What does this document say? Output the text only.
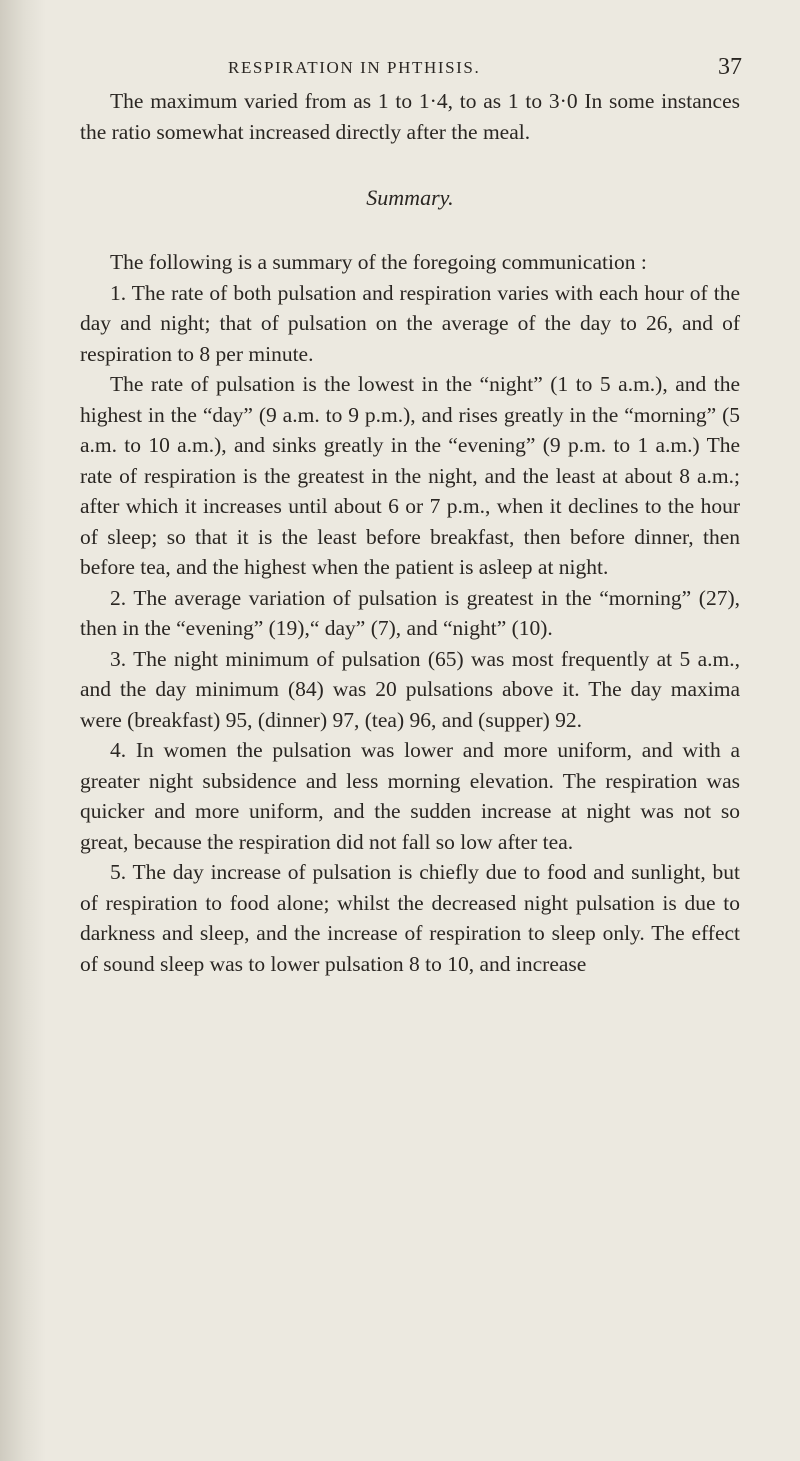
RESPIRATION IN PHTHISIS.	37

The maximum varied from as 1 to 1·4, to as 1 to 3·0 In some instances the ratio somewhat increased directly after the meal.

Summary.

The following is a summary of the foregoing communication :

1. The rate of both pulsation and respiration varies with each hour of the day and night; that of pulsation on the average of the day to 26, and of respiration to 8 per minute.

The rate of pulsation is the lowest in the “night” (1 to 5 a.m.), and the highest in the “day” (9 a.m. to 9 p.m.), and rises greatly in the “morning” (5 a.m. to 10 a.m.), and sinks greatly in the “evening” (9 p.m. to 1 a.m.) The rate of respiration is the greatest in the night, and the least at about 8 a.m.; after which it increases until about 6 or 7 p.m., when it declines to the hour of sleep; so that it is the least before breakfast, then before dinner, then before tea, and the highest when the patient is asleep at night.

2. The average variation of pulsation is greatest in the “morning” (27), then in the “evening” (19),“ day” (7), and “night” (10).

3. The night minimum of pulsation (65) was most frequently at 5 a.m., and the day minimum (84) was 20 pulsations above it. The day maxima were (breakfast) 95, (dinner) 97, (tea) 96, and (supper) 92.

4. In women the pulsation was lower and more uniform, and with a greater night subsidence and less morning elevation. The respiration was quicker and more uniform, and the sudden increase at night was not so great, because the respiration did not fall so low after tea.

5. The day increase of pulsation is chiefly due to food and sunlight, but of respiration to food alone; whilst the decreased night pulsation is due to darkness and sleep, and the increase of respiration to sleep only. The effect of sound sleep was to lower pulsation 8 to 10, and increase
